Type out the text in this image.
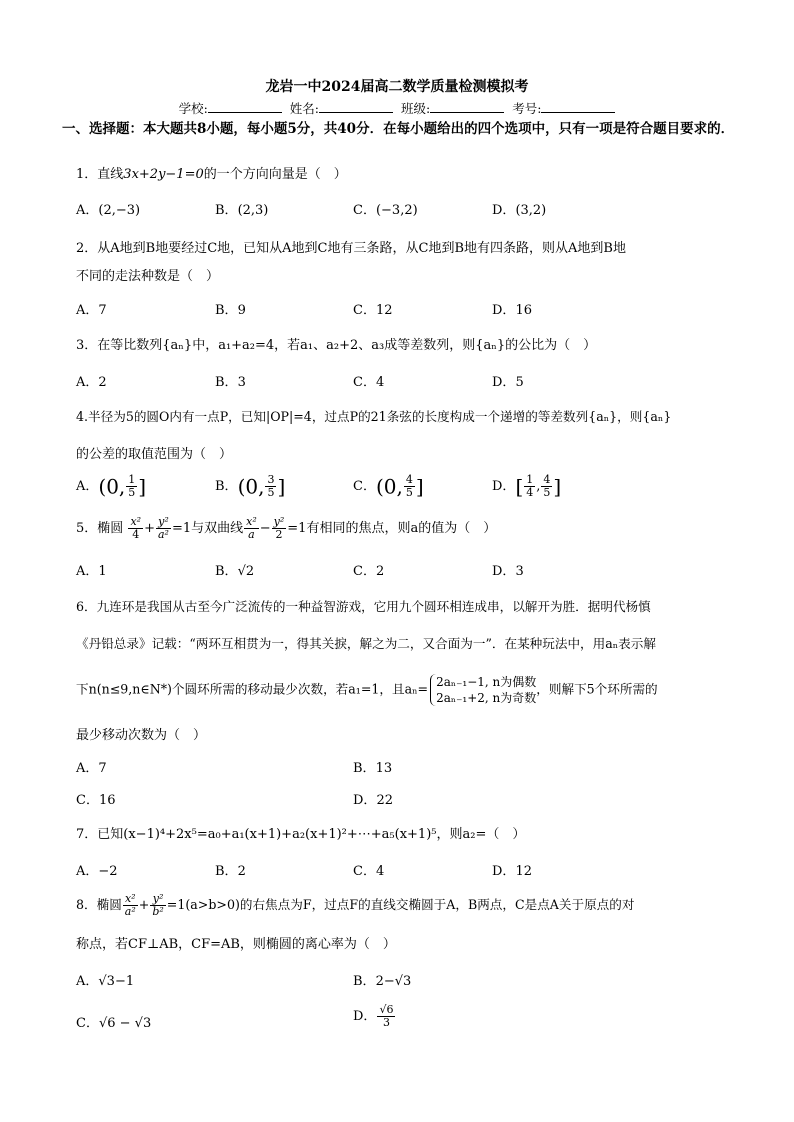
龙岩一中2024届高二数学质量检测模拟考
学校:	姓名:	班级:	考号:
一、选择题：本大题共8小题，每小题5分，共40分．在每小题给出的四个选项中，只有一项是符合题目要求的．
1．直线3x+2y−1=0的一个方向向量是（　）
A．(2,−3)	B．(2,3)	C．(−3,2)	D．(3,2)
2．从A地到B地要经过C地，已知从A地到C地有三条路，从C地到B地有四条路，则从A地到B地
不同的走法种数是（　）
A．7	B．9	C．12	D．16
3．在等比数列{aₙ}中，a₁+a₂=4，若a₁、a₂+2、a₃成等差数列，则{aₙ}的公比为（　）
A．2	B．3	C．4	D．5
4.半径为5的圆O内有一点P，已知|OP|=4，过点P的21条弦的长度构成一个递增的等差数列{aₙ}，则{aₙ}
的公差的取值范围为（　）
A．(0, $\frac{1}{5}$ ]	B．(0, $\frac{3}{5}$ ]	C．(0, $\frac{4}{5}$ ]	D．[ $\frac{1}{4}$ , $\frac{4}{5}$ ]
5．椭圆 $\frac{\text{x²}}{4} + \frac{\text{y²}}{\text{a²}} =1$与双曲线 $\frac{\text{x²}}{a} - \frac{\text{y²}}{2} =1$有相同的焦点，则a的值为（　）
A．1	B．√2	C．2	D．3
6．九连环是我国从古至今广泛流传的一种益智游戏，它用九个圆环相连成串，以解开为胜．据明代杨慎
《丹铅总录》记载：“两环互相贯为一，得其关捩，解之为二，又合面为一”．在某种玩法中，用aₙ表示解
下n(n≤9,n∈N*)个圆环所需的移动最少次数，若a₁=1，且aₙ= 2aₙ₋₁−1, n为偶数
2aₙ₋₁+2, n为奇数
，则解下5个环所需的
最少移动次数为（　）
A．7	B．13
C．16	D．22
7．已知(x−1)⁴+2x⁵=a₀+a₁(x+1)+a₂(x+1)²+⋯+a₅(x+1)⁵，则a₂=（　）
A．−2	B．2	C．4	D．12
8．椭圆 $\frac{\text{x²}}{\text{a²}} + \frac{\text{y²}}{\text{b²}} =1(a>b>0)$的右焦点为F，过点F的直线交椭圆于A，B两点，C是点A关于原点的对
称点，若CF⊥AB，CF=AB，则椭圆的离心率为（　）
A．√3−1	B．2−√3
C．√6 − √3	D． $\frac{√6}{3}$
